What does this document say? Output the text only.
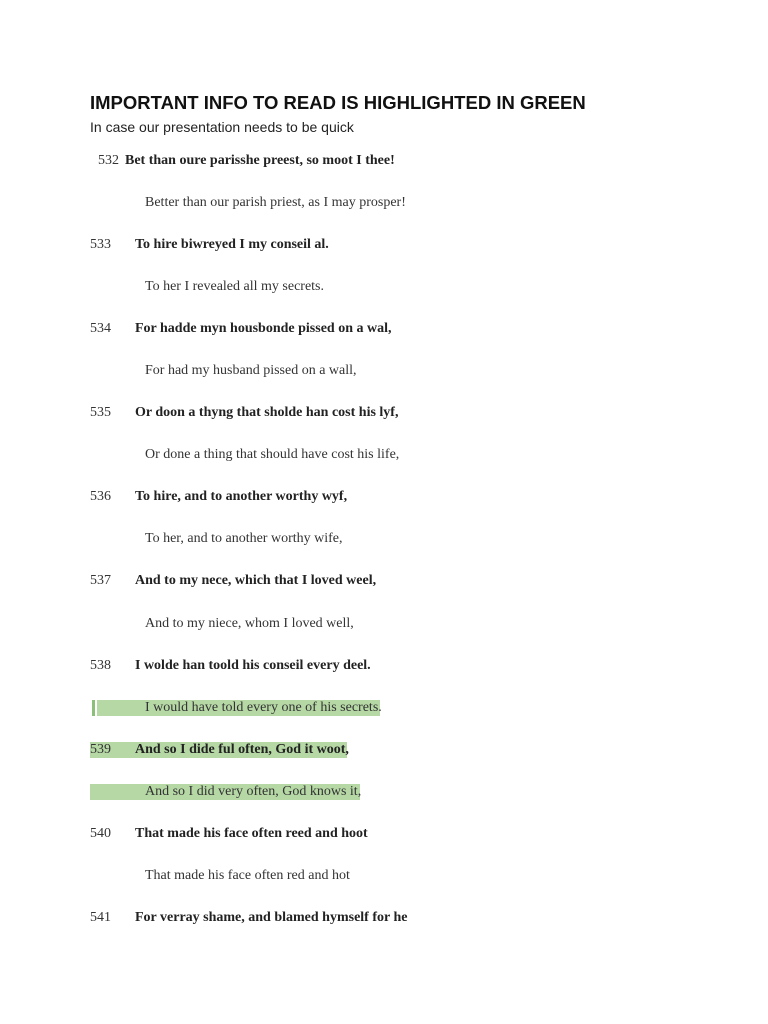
IMPORTANT INFO TO READ IS HIGHLIGHTED IN GREEN

In case our presentation needs to be quick

532 Bet than oure parisshe preest, so moot I thee!
Better than our parish priest, as I may prosper!
533 To hire biwreyed I my conseil al.
To her I revealed all my secrets.
534 For hadde myn housbonde pissed on a wal,
For had my husband pissed on a wall,
535 Or doon a thyng that sholde han cost his lyf,
Or done a thing that should have cost his life,
536 To hire, and to another worthy wyf,
To her, and to another worthy wife,
537 And to my nece, which that I loved weel,
And to my niece, whom I loved well,
538 I wolde han toold his conseil every deel.
I would have told every one of his secrets.
539 And so I dide ful often, God it woot,
And so I did very often, God knows it,
540 That made his face often reed and hoot
That made his face often red and hot
541 For verray shame, and blamed hymself for he
